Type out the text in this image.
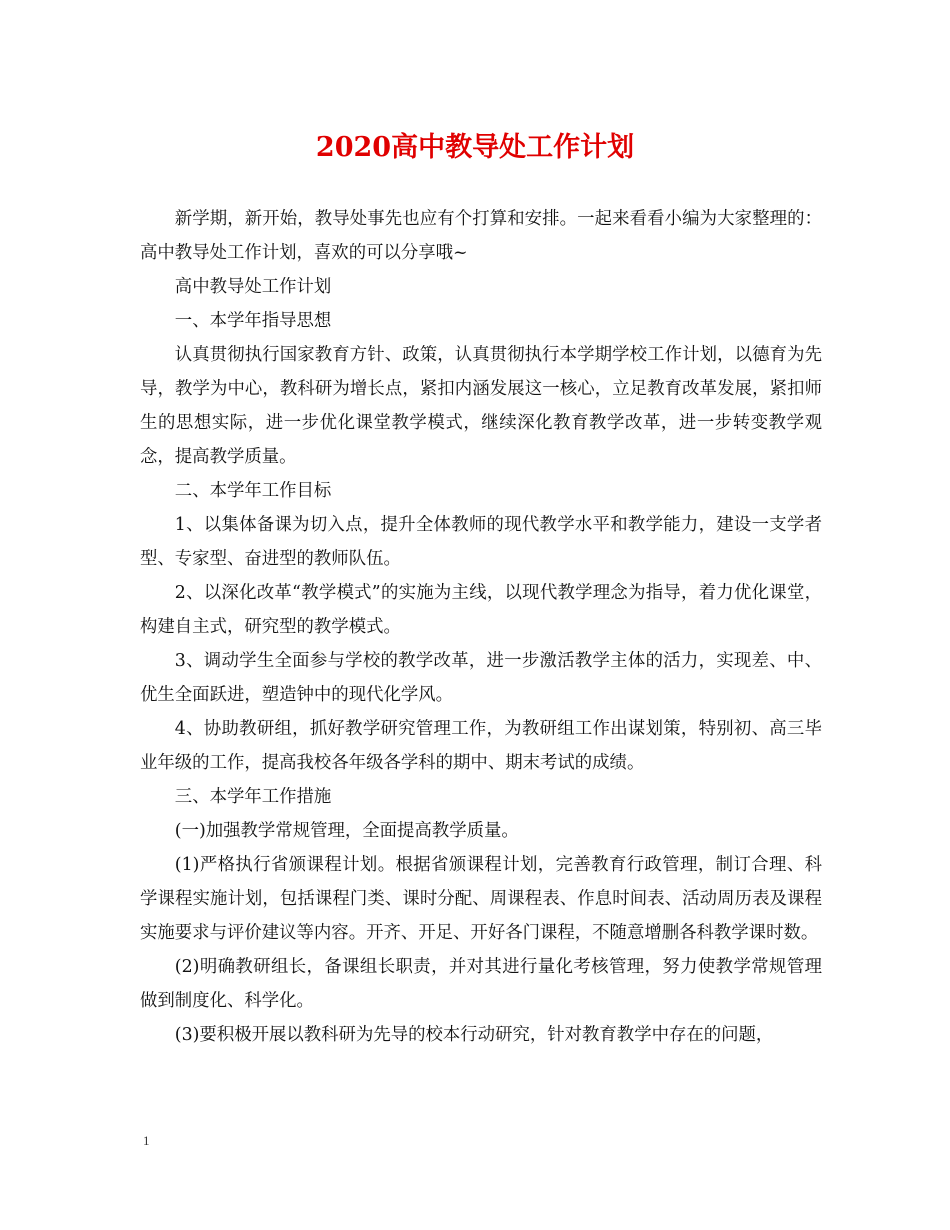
2020高中教导处工作计划

新学期，新开始，教导处事先也应有个打算和安排。一起来看看小编为大家整理的：高中教导处工作计划，喜欢的可以分享哦~

高中教导处工作计划

一、本学年指导思想

认真贯彻执行国家教育方针、政策，认真贯彻执行本学期学校工作计划，以德育为先导，教学为中心，教科研为增长点，紧扣内涵发展这一核心，立足教育改革发展，紧扣师生的思想实际，进一步优化课堂教学模式，继续深化教育教学改革，进一步转变教学观念，提高教学质量。

二、本学年工作目标

1、以集体备课为切入点，提升全体教师的现代教学水平和教学能力，建设一支学者型、专家型、奋进型的教师队伍。

2、以深化改革“教学模式”的实施为主线，以现代教学理念为指导，着力优化课堂，构建自主式，研究型的教学模式。

3、调动学生全面参与学校的教学改革，进一步激活教学主体的活力，实现差、中、优生全面跃进，塑造钟中的现代化学风。

4、协助教研组，抓好教学研究管理工作，为教研组工作出谋划策，特别初、高三毕业年级的工作，提高我校各年级各学科的期中、期末考试的成绩。

三、本学年工作措施

(一)加强教学常规管理，全面提高教学质量。

(1)严格执行省颁课程计划。根据省颁课程计划，完善教育行政管理，制订合理、科学课程实施计划，包括课程门类、课时分配、周课程表、作息时间表、活动周历表及课程实施要求与评价建议等内容。开齐、开足、开好各门课程，不随意增删各科教学课时数。

(2)明确教研组长，备课组长职责，并对其进行量化考核管理，努力使教学常规管理做到制度化、科学化。

(3)要积极开展以教科研为先导的校本行动研究，针对教育教学中存在的问题，

1
